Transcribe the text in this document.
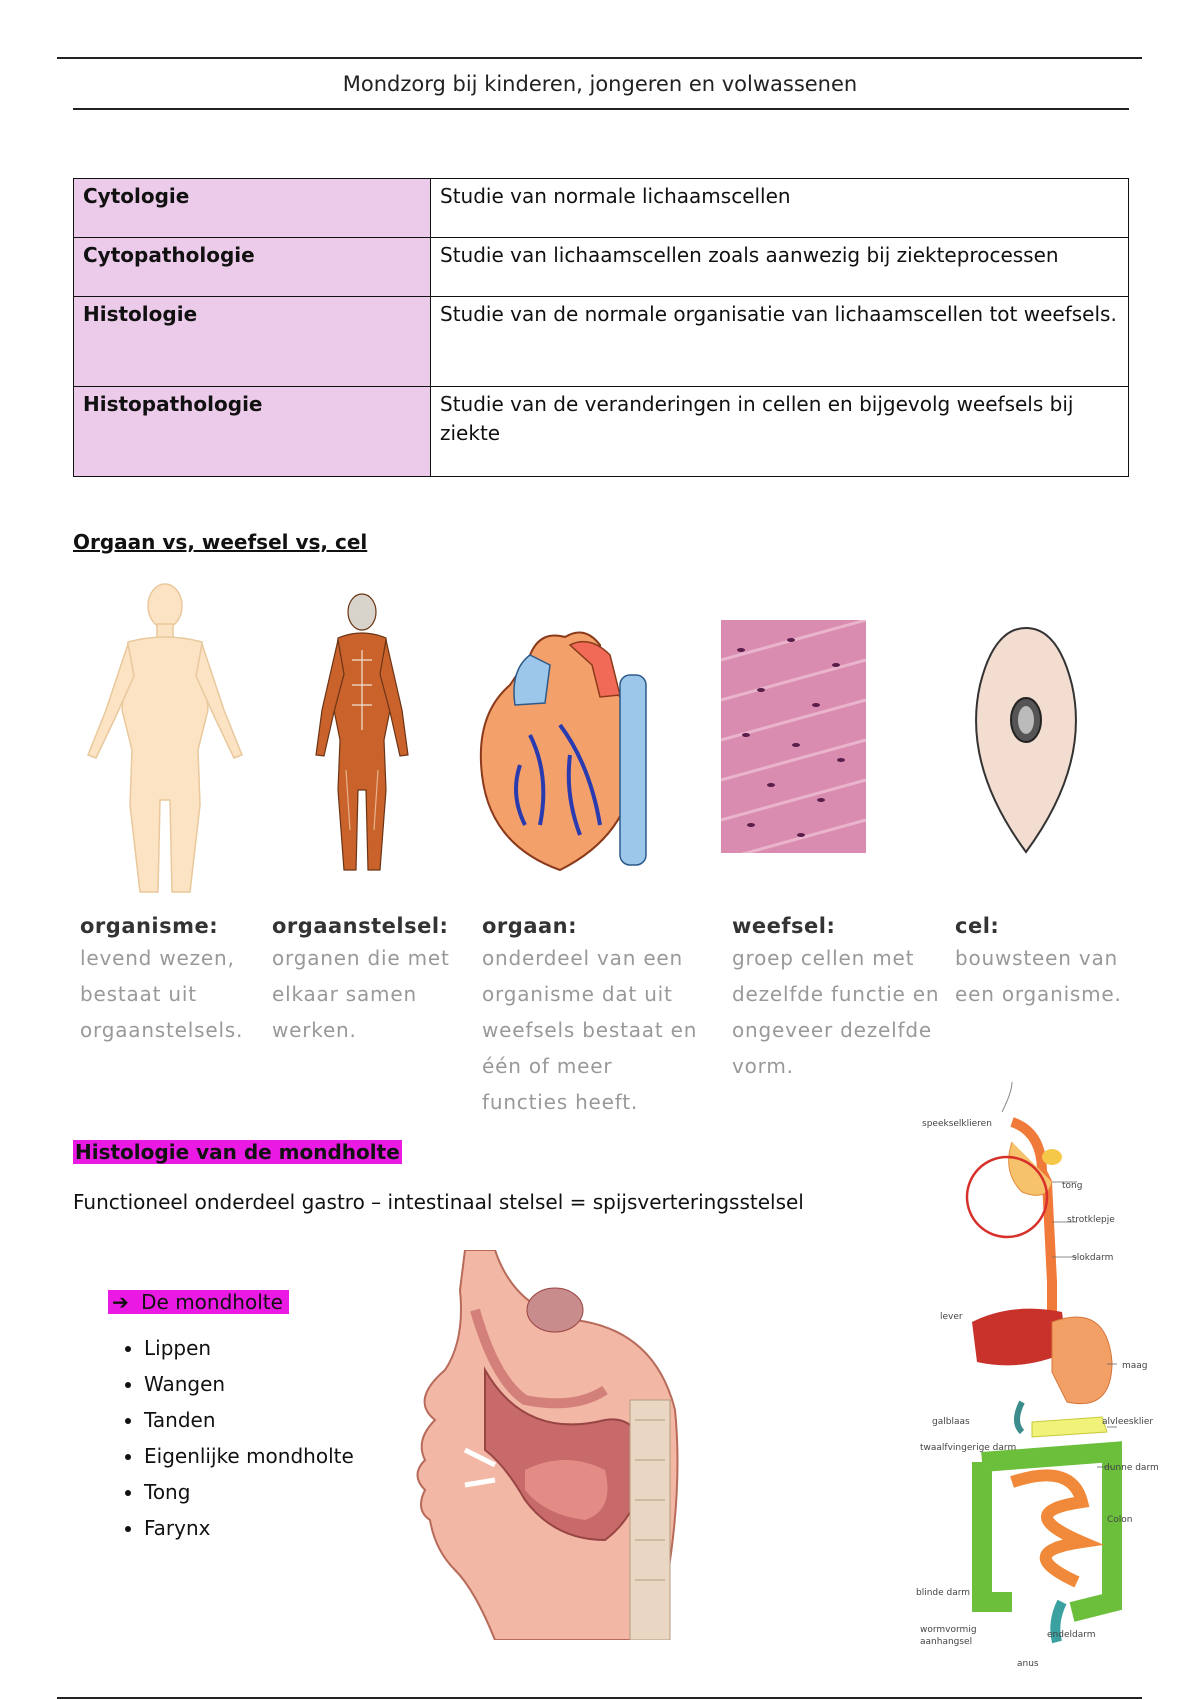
Mondzorg bij kinderen, jongeren en volwassenen
Cytologie	Studie van normale lichaamscellen
Cytopathologie	Studie van lichaamscellen zoals aanwezig bij ziekteprocessen
Histologie	Studie van de normale organisatie van lichaamscellen tot weefsels.
Histopathologie	Studie van de veranderingen in cellen en bijgevolg weefsels bij ziekte
Orgaan vs, weefsel vs, cel
organisme:
levend wezen, bestaat uit orgaanstelsels.
orgaanstelsel:
organen die met elkaar samen werken.
orgaan:
onderdeel van een organisme dat uit weefsels bestaat en één of meer functies heeft.
weefsel:
groep cellen met dezelfde functie en ongeveer dezelfde vorm.
cel:
bouwsteen van een organisme.
Histologie van de mondholte
Functioneel onderdeel gastro – intestinaal stelsel = spijsverteringsstelsel
➔ De mondholte
• Lippen
• Wangen
• Tanden
• Eigenlijke mondholte
• Tong
• Farynx
speekselklieren
tong
strotklepje
slokdarm
lever
maag
galblaas	alvleesklier
twaalfvingerige darm
dunne darm
Colon
blinde darm
wormvormig
aanhangsel
endeldarm
anus
